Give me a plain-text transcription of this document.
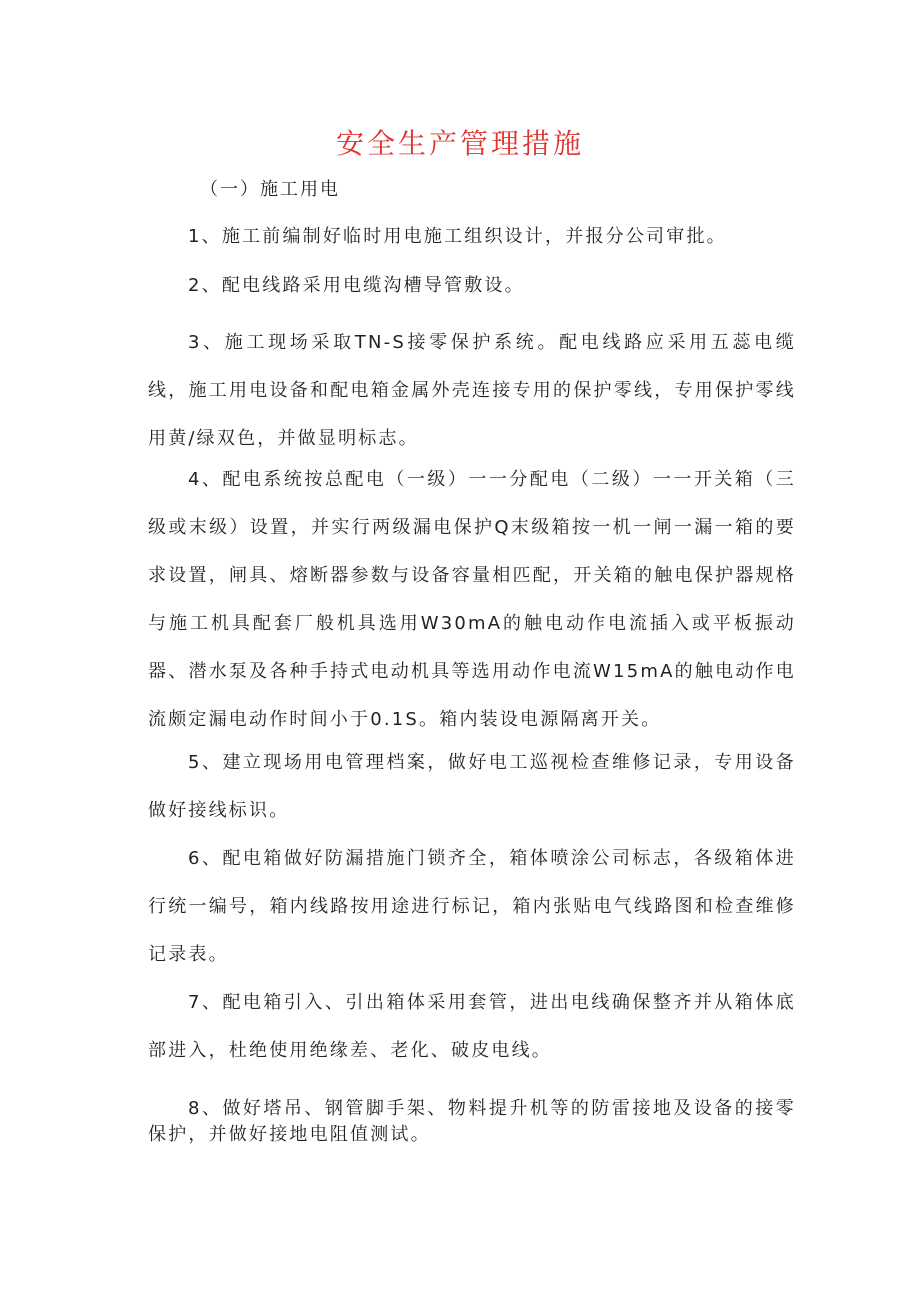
安全生产管理措施
（一）施工用电

1、施工前编制好临时用电施工组织设计，并报分公司审批。

2、配电线路采用电缆沟槽导管敷设。

3、施工现场采取TN-S接零保护系统。配电线路应采用五蕊电缆线，施工用电设备和配电箱金属外壳连接专用的保护零线，专用保护零线用黄/绿双色，并做显明标志。

4、配电系统按总配电（一级）一一分配电（二级）一一开关箱（三级或末级）设置，并实行两级漏电保护Q末级箱按一机一闸一漏一箱的要求设置，闸具、熔断器参数与设备容量相匹配，开关箱的触电保护器规格与施工机具配套厂般机具选用W30mA的触电动作电流插入或平板振动器、潜水泵及各种手持式电动机具等选用动作电流W15mA的触电动作电流颇定漏电动作时间小于0.1S。箱内装设电源隔离开关。

5、建立现场用电管理档案，做好电工巡视检查维修记录，专用设备做好接线标识。

6、配电箱做好防漏措施门锁齐全，箱体喷涂公司标志，各级箱体进行统一编号，箱内线路按用途进行标记，箱内张贴电气线路图和检查维修记录表。

7、配电箱引入、引出箱体采用套管，进出电线确保整齐并从箱体底部进入，杜绝使用绝缘差、老化、破皮电线。

8、做好塔吊、钢管脚手架、物料提升机等的防雷接地及设备的接零保护，并做好接地电阻值测试。
